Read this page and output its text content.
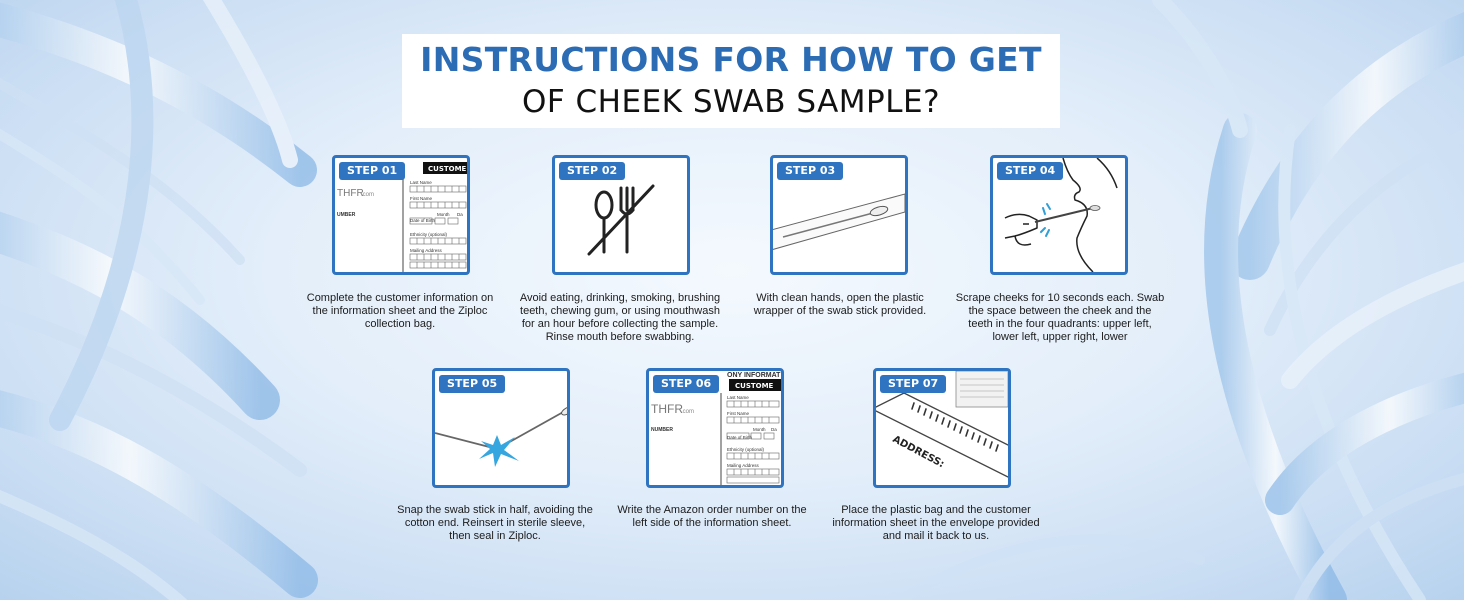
INSTRUCTIONS FOR HOW TO GET
OF CHEEK SWAB SAMPLE?
STEP 01	CUSTOME
THFR
.com
UMBER
Last Name
First Name
Month Da
Date of Birth
Ethnicity (optional)
Mailing Address
Complete the customer information on the information sheet and the Ziploc collection bag.
STEP 02
Avoid eating, drinking, smoking, brushing teeth, chewing gum, or using mouthwash for an hour before collecting the sample. Rinse mouth before swabbing.
STEP 03
With clean hands, open the plastic wrapper of the swab stick provided.
STEP 04
Scrape cheeks for 10 seconds each. Swab the space between the cheek and the teeth in the four quadrants: upper left, lower left, upper right, lower
STEP 05
Snap the swab stick in half, avoiding the cotton end. Reinsert in sterile sleeve, then seal in Ziploc.
STEP 06
ONY INFORMAT
CUSTOME
THFR
.com
NUMBER
Last Name
First Name
Month Da
Date of Birth
Ethnicity (optional)
Mailing Address
Write the Amazon order number on the left side of the information sheet.
STEP 07
ADDRESS:
Place the plastic bag and the customer information sheet in the envelope provided and mail it back to us.
